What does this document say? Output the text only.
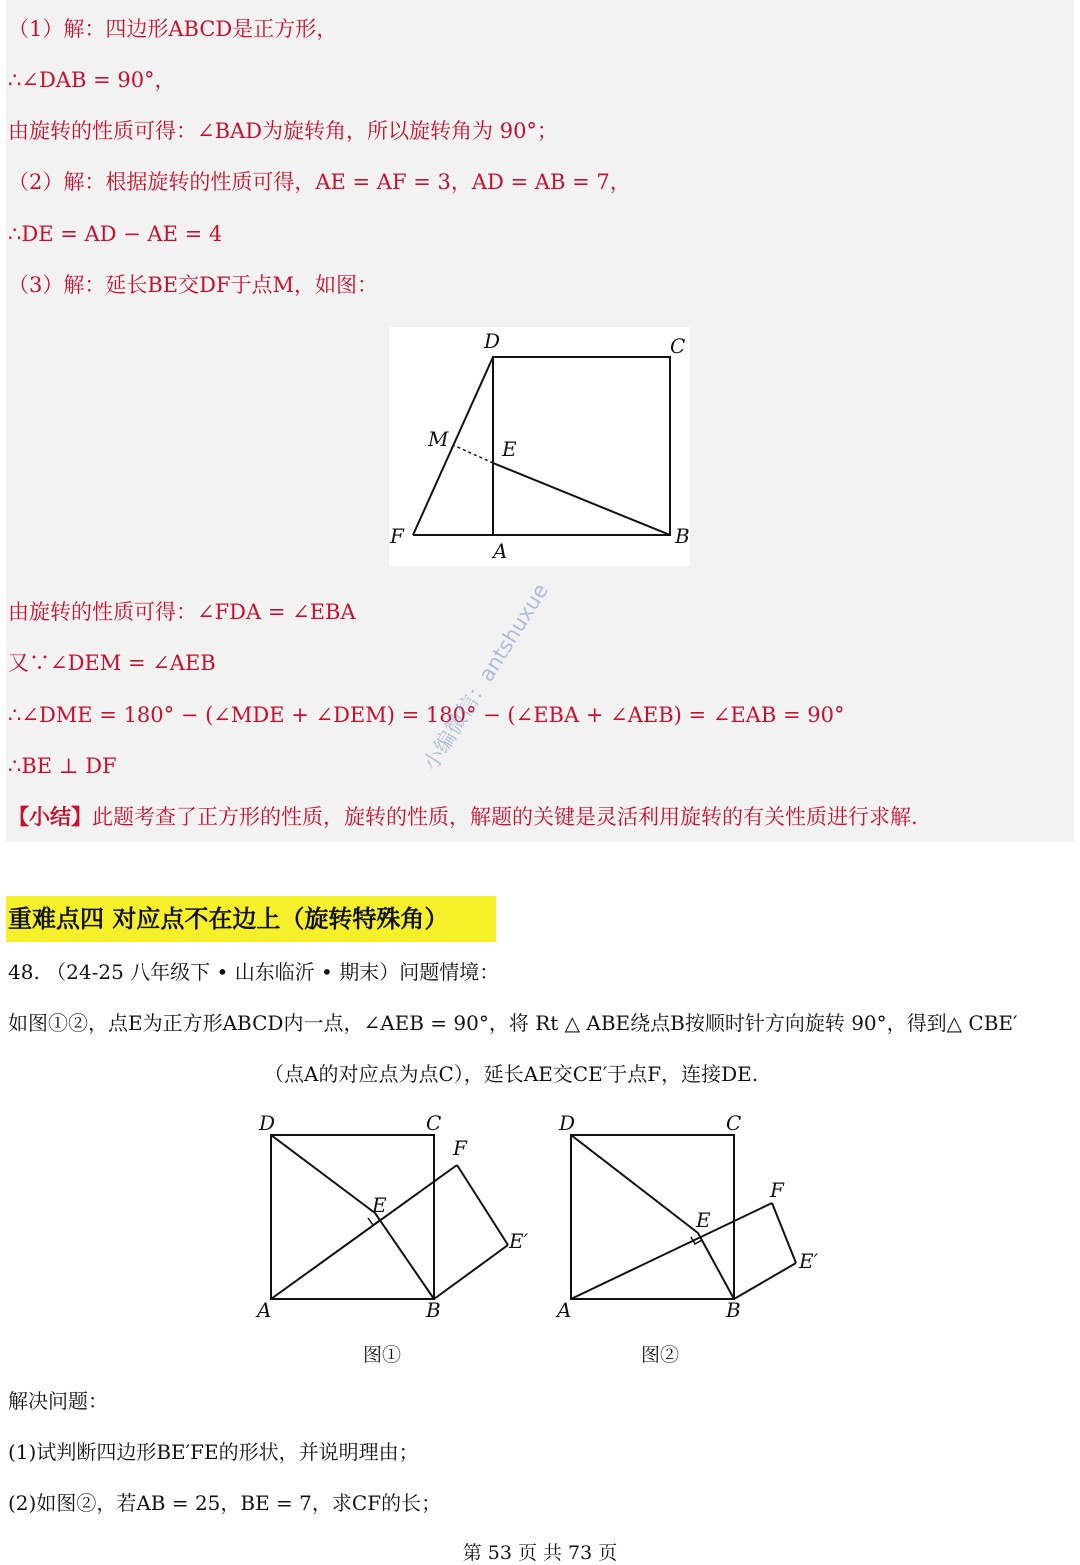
（1）解：四边形ABCD是正方形，
∴∠DAB = 90°，
由旋转的性质可得：∠BAD为旋转角，所以旋转角为 90°；
（2）解：根据旋转的性质可得，AE = AF = 3，AD = AB = 7，
∴DE = AD − AE = 4
（3）解：延长BE交DF于点M，如图：
D	C
M	E
F
A
B
由旋转的性质可得：∠FDA = ∠EBA
又∵∠DEM = ∠AEB
∴∠DME = 180° − (∠MDE + ∠DEM) = 180° − (∠EBA + ∠AEB) = ∠EAB = 90°
∴BE ⊥ DF
【小结】此题考查了正方形的性质，旋转的性质，解题的关键是灵活利用旋转的有关性质进行求解.
小编微信：antshuxue
重难点四 对应点不在边上（旋转特殊角）
48. （24-25 八年级下 • 山东临沂 • 期末）问题情境：
如图①②，点E为正方形ABCD内一点，∠AEB = 90°，将 Rt △ ABE绕点B按顺时针方向旋转 90°，得到△ CBE′
（点A的对应点为点C），延长AE交CE′于点F，连接DE.
D	C
F
E
E′
A	B
D	C
F
E
E′
A	B
图①	图②
解决问题：
(1)试判断四边形BE′FE的形状，并说明理由；
(2)如图②，若AB = 25，BE = 7，求CF的长；
第 53 页 共 73 页
